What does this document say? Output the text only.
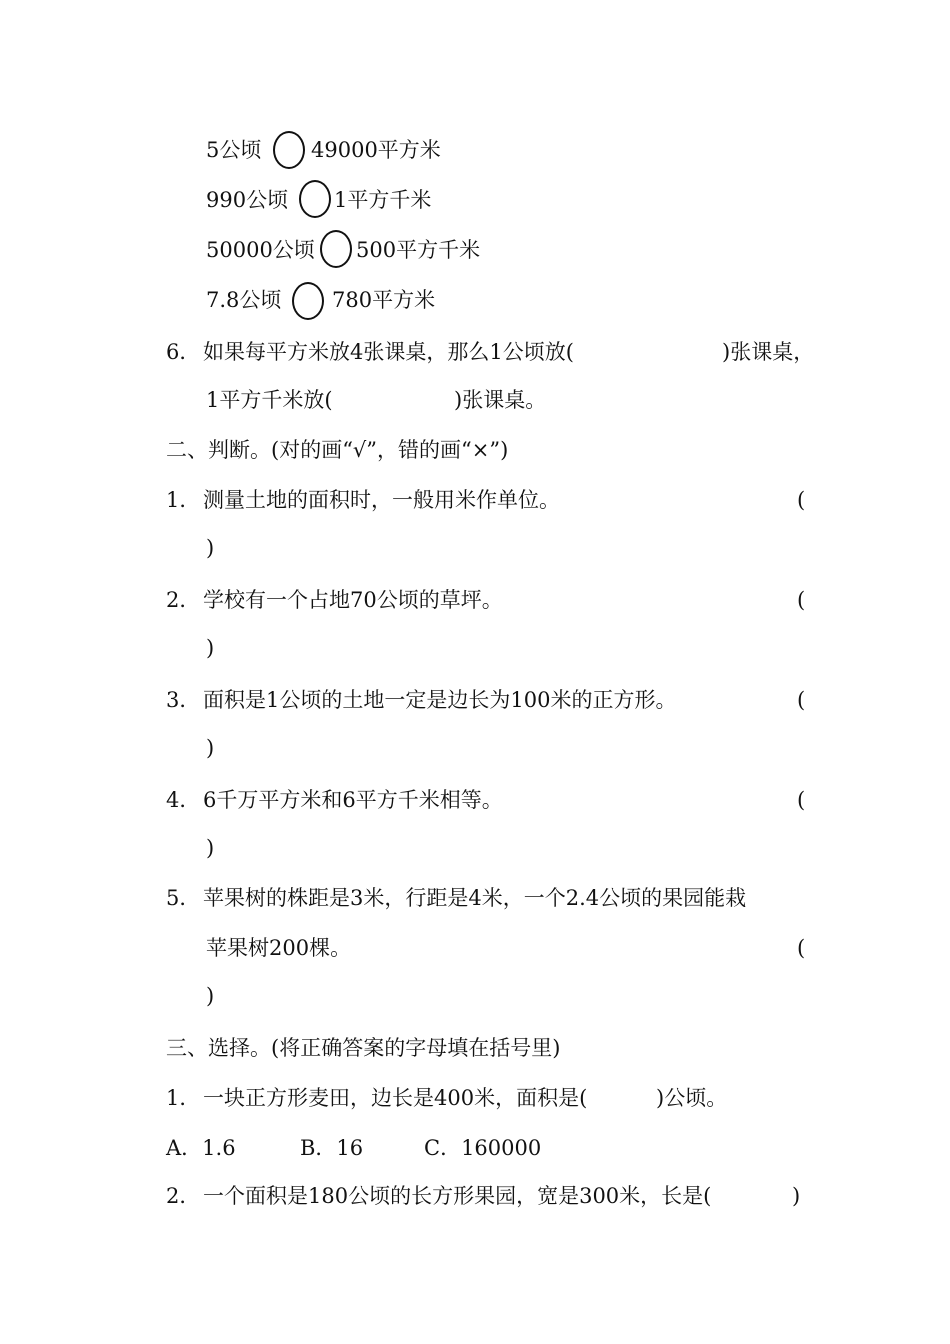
5公顷 49000平方米
990公顷 1平方千米
50000公顷 500平方千米
7.8公顷 780平方米
6． 如果每平方米放4张课桌，那么1公顷放(	)张课桌，
1平方千米放(	)张课桌。
二、判断。(对的画“√”，错的画“×”)
1． 测量土地的面积时，一般用米作单位。	(
)
2． 学校有一个占地70公顷的草坪。	(
)
3． 面积是1公顷的土地一定是边长为100米的正方形。	(
)
4． 6千万平方米和6平方千米相等。	(
)
5． 苹果树的株距是3米，行距是4米，一个2.4公顷的果园能栽
苹果树200棵。	(
)
三、选择。(将正确答案的字母填在括号里)
1． 一块正方形麦田，边长是400米，面积是(	)公顷。
A．1.6	B．16	C．160000
2． 一个面积是180公顷的长方形果园，宽是300米，长是(	)
